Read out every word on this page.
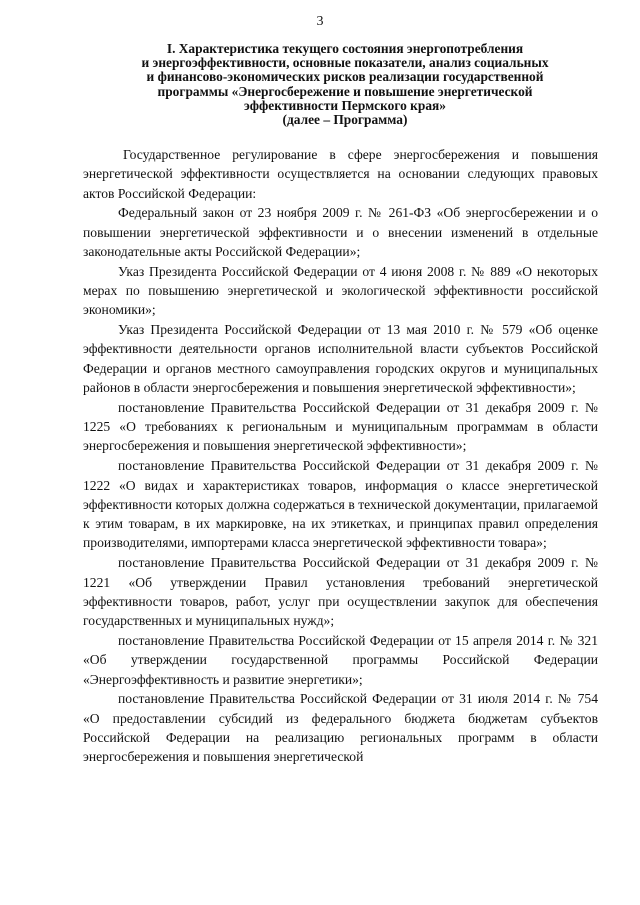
3
I. Характеристика текущего состояния энергопотребления
и энергоэффективности, основные показатели, анализ социальных
и финансово-экономических рисков реализации государственной
программы «Энергосбережение и повышение энергетической
эффективности Пермского края»
(далее – Программа)

Государственное регулирование в сфере энергосбережения и повышения энергетической эффективности осуществляется на основании следующих правовых актов Российской Федерации:

Федеральный закон от 23 ноября 2009 г. № 261-ФЗ «Об энергосбережении и о повышении энергетической эффективности и о внесении изменений в отдельные законодательные акты Российской Федерации»;

Указ Президента Российской Федерации от 4 июня 2008 г. № 889 «О некоторых мерах по повышению энергетической и экологической эффективности российской экономики»;

Указ Президента Российской Федерации от 13 мая 2010 г. № 579 «Об оценке эффективности деятельности органов исполнительной власти субъектов Российской Федерации и органов местного самоуправления городских округов и муниципальных районов в области энергосбережения и повышения энергетической эффективности»;

постановление Правительства Российской Федерации от 31 декабря 2009 г. № 1225 «О требованиях к региональным и муниципальным программам в области энергосбережения и повышения энергетической эффективности»;

постановление Правительства Российской Федерации от 31 декабря 2009 г. № 1222 «О видах и характеристиках товаров, информация о классе энергетической эффективности которых должна содержаться в технической документации, прилагаемой к этим товарам, в их маркировке, на их этикетках, и принципах правил определения производителями, импортерами класса энергетической эффективности товара»;

постановление Правительства Российской Федерации от 31 декабря 2009 г. № 1221 «Об утверждении Правил установления требований энергетической эффективности товаров, работ, услуг при осуществлении закупок для обеспечения государственных и муниципальных нужд»;

постановление Правительства Российской Федерации от 15 апреля 2014 г. № 321 «Об утверждении государственной программы Российской Федерации «Энергоэффективность и развитие энергетики»;

постановление Правительства Российской Федерации от 31 июля 2014 г. № 754 «О предоставлении субсидий из федерального бюджета бюджетам субъектов Российской Федерации на реализацию региональных программ в области энергосбережения и повышения энергетической
